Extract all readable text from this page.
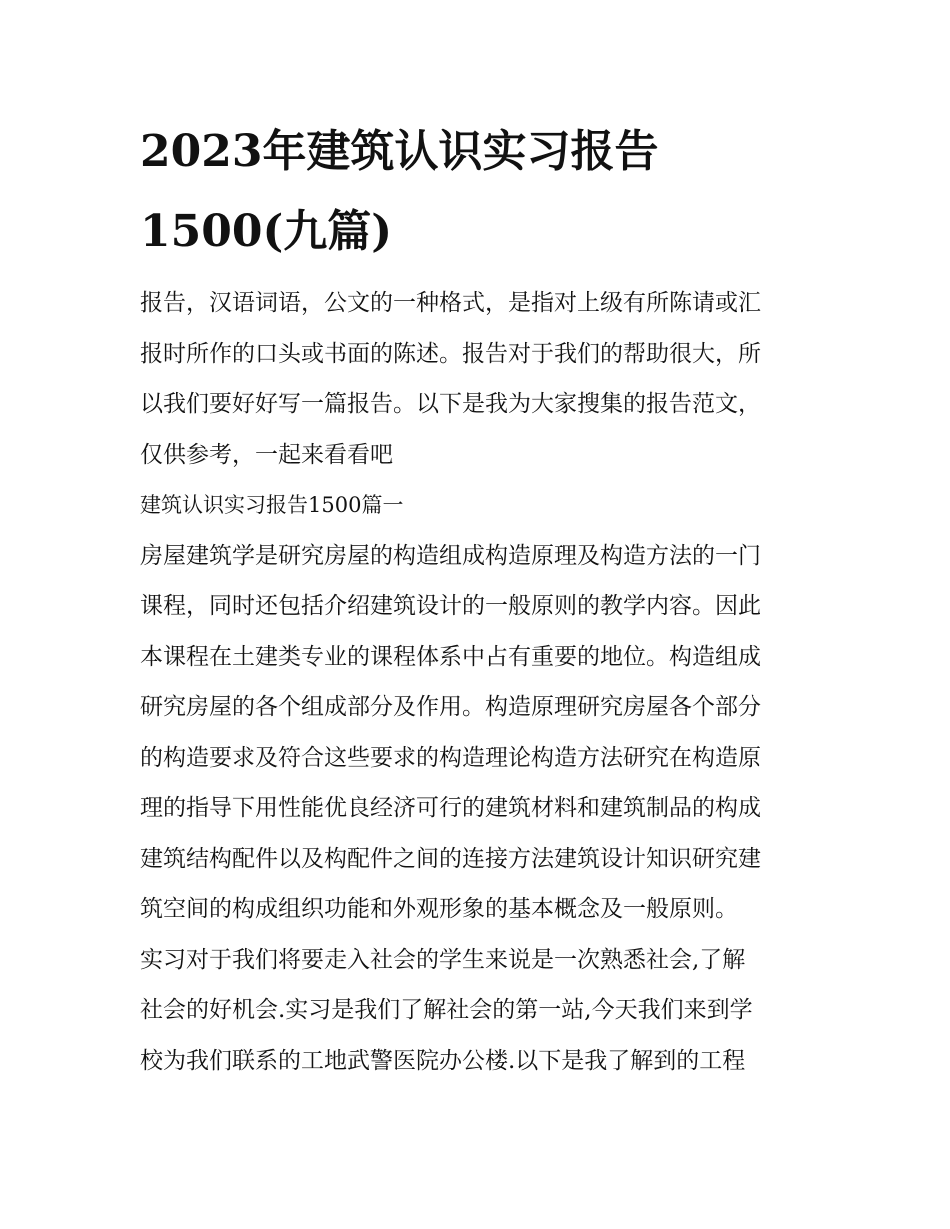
2023年建筑认识实习报告
1500(九篇)

报告，汉语词语，公文的一种格式，是指对上级有所陈请或汇
报时所作的口头或书面的陈述。报告对于我们的帮助很大，所
以我们要好好写一篇报告。以下是我为大家搜集的报告范文，
仅供参考，一起来看看吧

建筑认识实习报告1500篇一

房屋建筑学是研究房屋的构造组成构造原理及构造方法的一门
课程，同时还包括介绍建筑设计的一般原则的教学内容。因此
本课程在土建类专业的课程体系中占有重要的地位。构造组成
研究房屋的各个组成部分及作用。构造原理研究房屋各个部分
的构造要求及符合这些要求的构造理论构造方法研究在构造原
理的指导下用性能优良经济可行的建筑材料和建筑制品的构成
建筑结构配件以及构配件之间的连接方法建筑设计知识研究建
筑空间的构成组织功能和外观形象的基本概念及一般原则。

实习对于我们将要走入社会的学生来说是一次熟悉社会,了解
社会的好机会.实习是我们了解社会的第一站,今天我们来到学
校为我们联系的工地武警医院办公楼.以下是我了解到的工程
